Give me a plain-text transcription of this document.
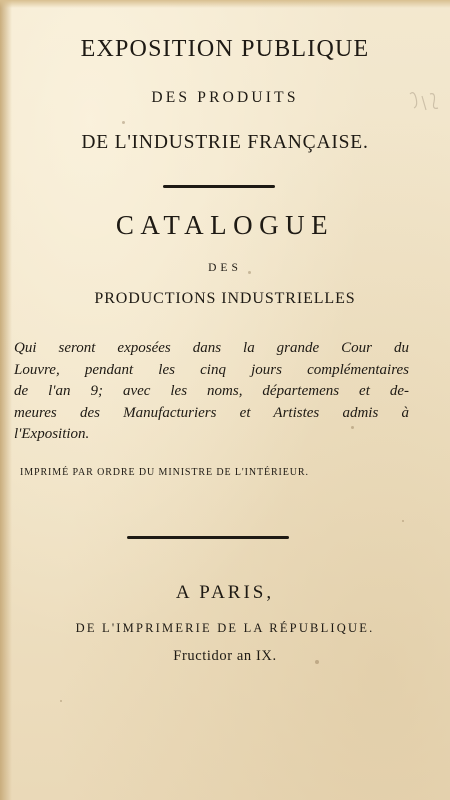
EXPOSITION PUBLIQUE
DES PRODUITS
DE L'INDUSTRIE FRANÇAISE.
CATALOGUE
DES
PRODUCTIONS INDUSTRIELLES
Qui seront exposées dans la grande Cour du
Louvre, pendant les cinq jours complémentaires
de l'an 9; avec les noms, départemens et de-
meures des Manufacturiers et Artistes admis à
l'Exposition.
IMPRIMÉ PAR ORDRE DU MINISTRE DE L'INTÉRIEUR.
A PARIS,
DE L'IMPRIMERIE DE LA RÉPUBLIQUE.
Fructidor an IX.
